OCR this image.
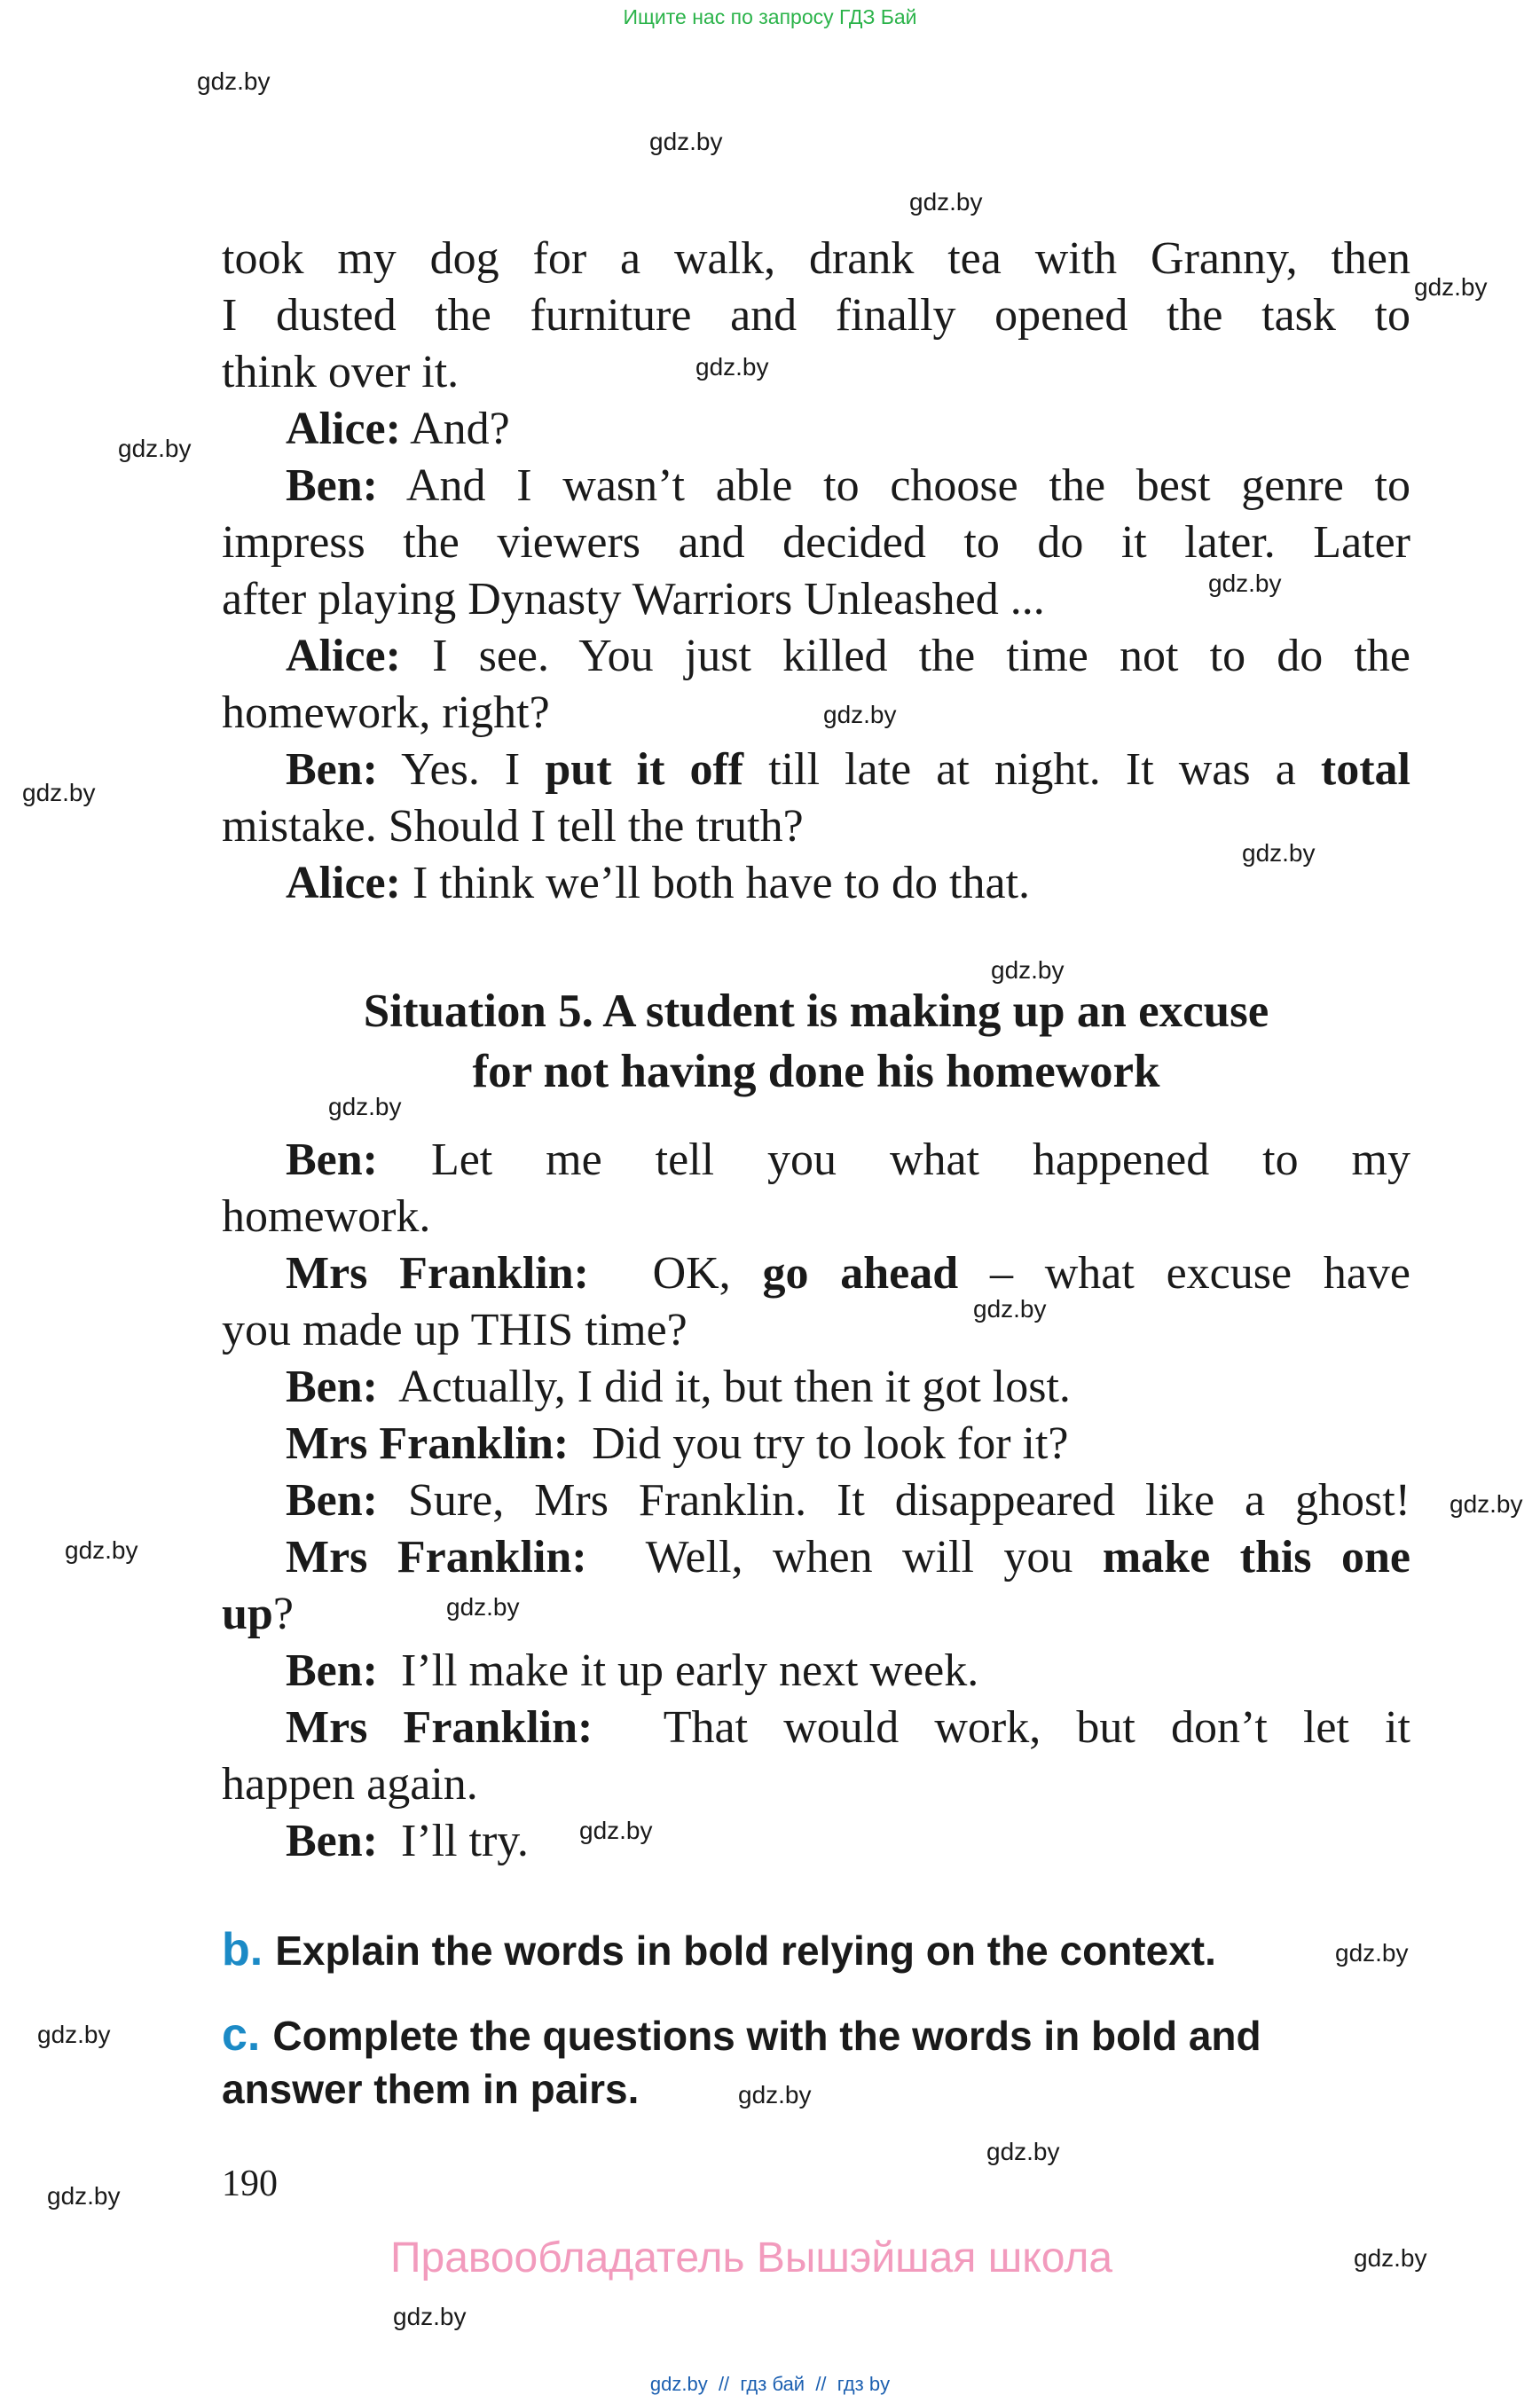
Ищите нас по запросу ГДЗ Бай
gdz.by
gdz.by
gdz.by
gdz.by
gdz.by
gdz.by
gdz.by
gdz.by
gdz.by
gdz.by
gdz.by
gdz.by
gdz.by
gdz.by
gdz.by
gdz.by
gdz.by
gdz.by
gdz.by
gdz.by
gdz.by
gdz.by
gdz.by
gdz.by
took my dog for a walk, drank tea with Granny, then
I dusted the furniture and finally opened the task to
think over it.
Alice: And?
Ben: And I wasn’t able to choose the best genre to
impress the viewers and decided to do it later. Later
after playing Dynasty Warriors Unleashed ...
Alice: I see. You just killed the time not to do the
homework, right?
Ben: Yes. I put it off till late at night. It was a total
mistake. Should I tell the truth?
Alice: I think we’ll both have to do that.
Situation 5. A student is making up an excuse
for not having done his homework
Ben:  Let  me  tell  you  what  happened  to  my
homework.
Mrs Franklin:  OK, go ahead – what excuse have
you made up THIS time?
Ben:  Actually, I did it, but then it got lost.
Mrs Franklin:  Did you try to look for it?
Ben: Sure, Mrs Franklin. It disappeared like a ghost!
Mrs Franklin:  Well, when will you make this one
up?
Ben:  I’ll make it up early next week.
Mrs Franklin:  That would work, but don’t let it
happen again.
Ben:  I’ll try.
b. Explain the words in bold relying on the context.
c. Complete the questions with the words in bold and
answer them in pairs.
190
Правообладатель Вышэйшая школа
gdz.by  //  гдз бай  //  гдз by
